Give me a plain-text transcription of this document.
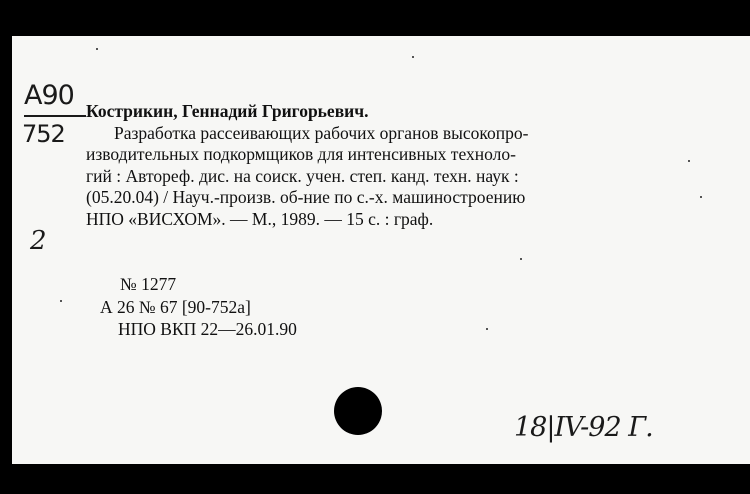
A90
752
2
Кострикин, Геннадий Григорьевич.
Разработка рассеивающих рабочих органов высокопро-
изводительных подкормщиков для интенсивных техноло-
гий : Автореф. дис. на соиск. учен. степ. канд. техн. наук :
(05.20.04) / Науч.-произв. об-ние по с.-х. машиностроению
НПО «ВИСХОМ». — М., 1989. — 15 с. : граф.
№ 1277
А 26 № 67 [90-752а]
НПО ВКП 22—26.01.90
18|IV-92 Г.
